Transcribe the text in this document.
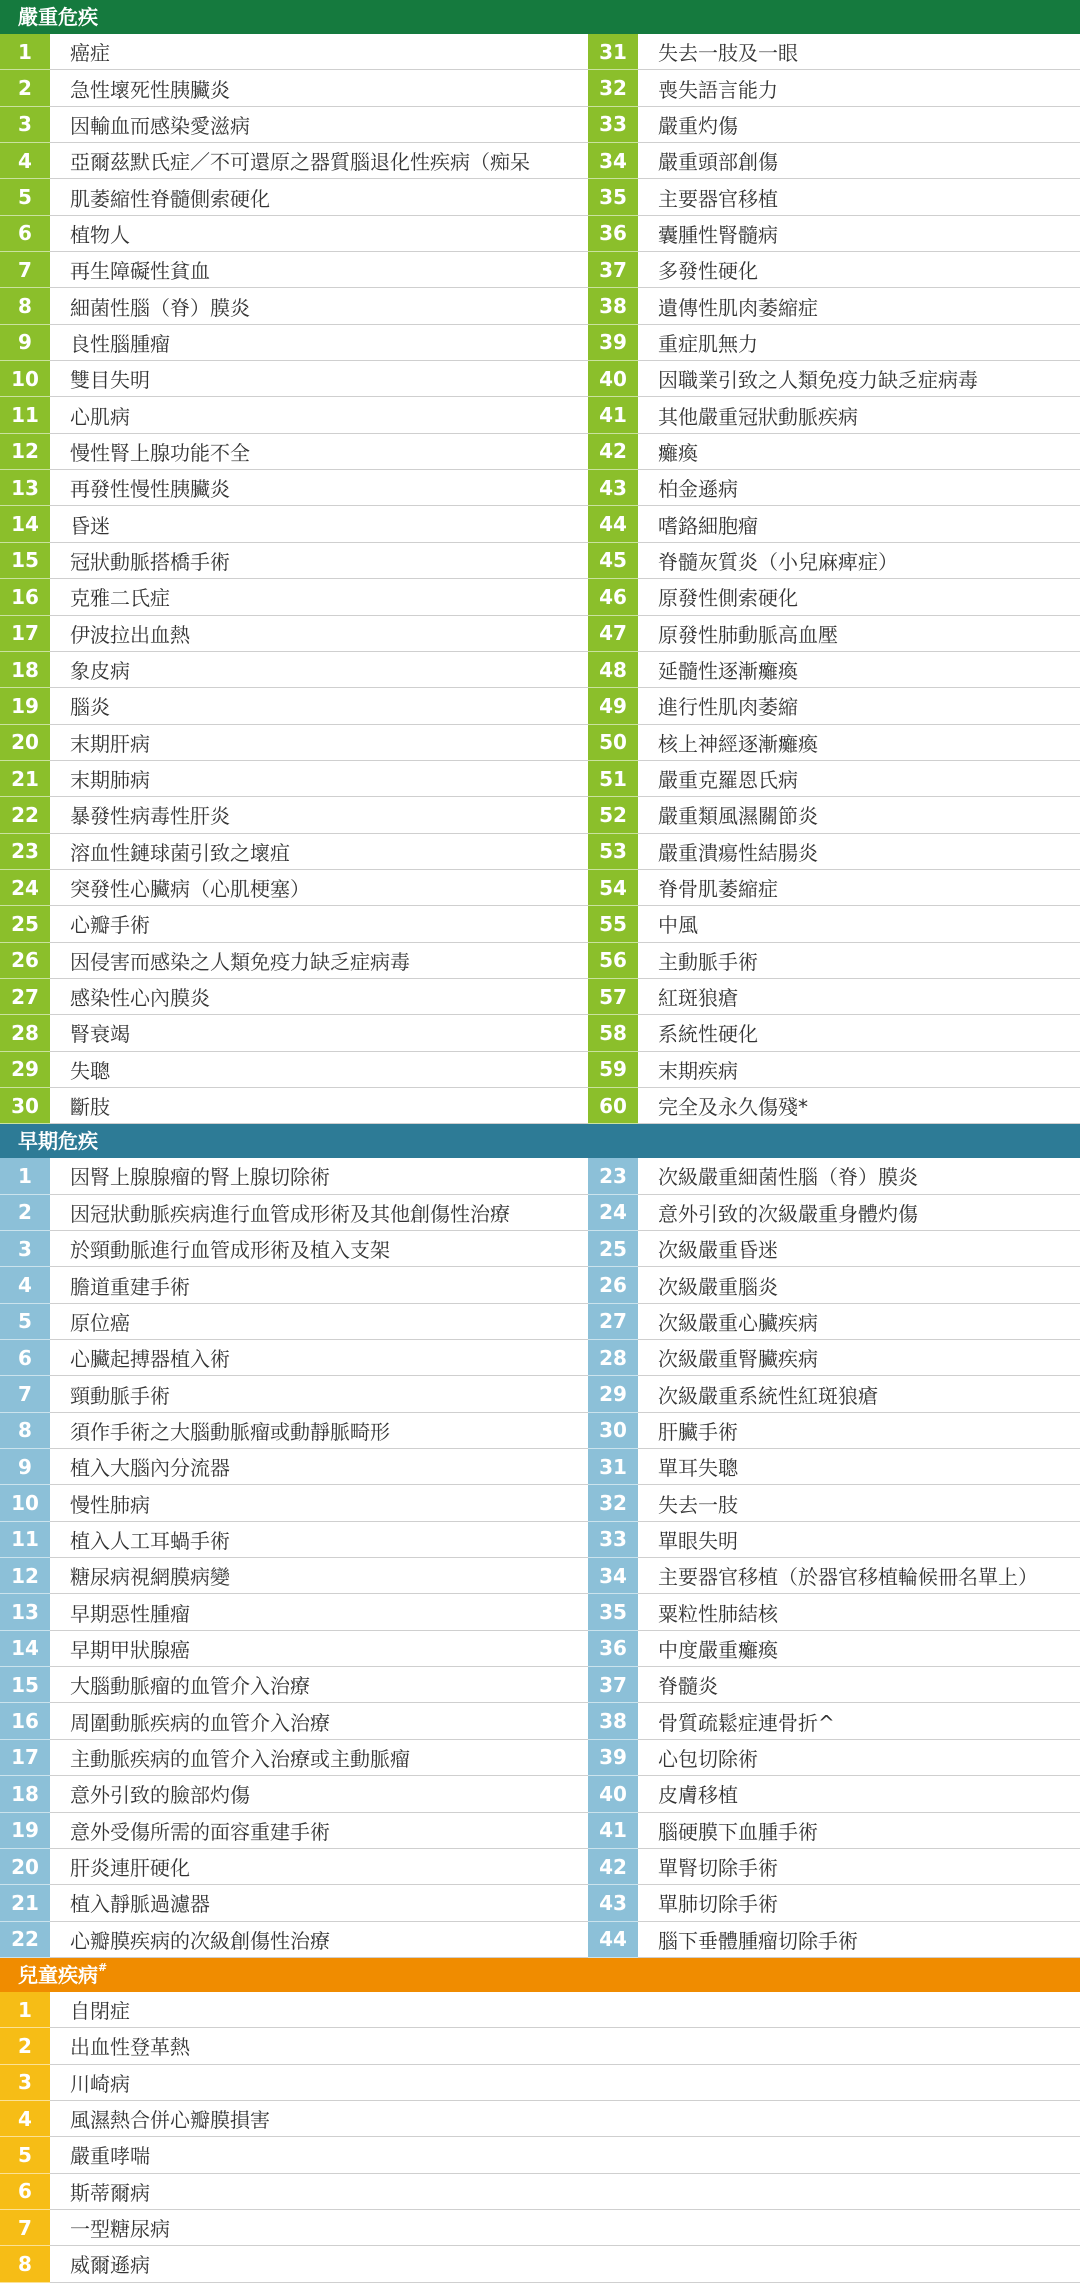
嚴重危疾
1	癌症
2	急性壞死性胰臟炎
3	因輸血而感染愛滋病
4	亞爾茲默氏症／不可還原之器質腦退化性疾病（痴呆
5	肌萎縮性脊髓側索硬化
6	植物人
7	再生障礙性貧血
8	細菌性腦（脊）膜炎
9	良性腦腫瘤
10	雙目失明
11	心肌病
12	慢性腎上腺功能不全
13	再發性慢性胰臟炎
14	昏迷
15	冠狀動脈搭橋手術
16	克雅二氏症
17	伊波拉出血熱
18	象皮病
19	腦炎
20	末期肝病
21	末期肺病
22	暴發性病毒性肝炎
23	溶血性鏈球菌引致之壞疽
24	突發性心臟病（心肌梗塞）
25	心瓣手術
26	因侵害而感染之人類免疫力缺乏症病毒
27	感染性心內膜炎
28	腎衰竭
29	失聰
30	斷肢
31	失去一肢及一眼
32	喪失語言能力
33	嚴重灼傷
34	嚴重頭部創傷
35	主要器官移植
36	囊腫性腎髓病
37	多發性硬化
38	遺傳性肌肉萎縮症
39	重症肌無力
40	因職業引致之人類免疫力缺乏症病毒
41	其他嚴重冠狀動脈疾病
42	癱瘓
43	柏金遜病
44	嗜鉻細胞瘤
45	脊髓灰質炎（小兒麻痺症）
46	原發性側索硬化
47	原發性肺動脈高血壓
48	延髓性逐漸癱瘓
49	進行性肌肉萎縮
50	核上神經逐漸癱瘓
51	嚴重克羅恩氏病
52	嚴重類風濕關節炎
53	嚴重潰瘍性結腸炎
54	脊骨肌萎縮症
55	中風
56	主動脈手術
57	紅斑狼瘡
58	系統性硬化
59	末期疾病
60	完全及永久傷殘*
早期危疾
1	因腎上腺腺瘤的腎上腺切除術
2	因冠狀動脈疾病進行血管成形術及其他創傷性治療
3	於頸動脈進行血管成形術及植入支架
4	膽道重建手術
5	原位癌
6	心臟起搏器植入術
7	頸動脈手術
8	須作手術之大腦動脈瘤或動靜脈畸形
9	植入大腦內分流器
10	慢性肺病
11	植入人工耳蝸手術
12	糖尿病視網膜病變
13	早期惡性腫瘤
14	早期甲狀腺癌
15	大腦動脈瘤的血管介入治療
16	周圍動脈疾病的血管介入治療
17	主動脈疾病的血管介入治療或主動脈瘤
18	意外引致的臉部灼傷
19	意外受傷所需的面容重建手術
20	肝炎連肝硬化
21	植入靜脈過濾器
22	心瓣膜疾病的次級創傷性治療
23	次級嚴重細菌性腦（脊）膜炎
24	意外引致的次級嚴重身體灼傷
25	次級嚴重昏迷
26	次級嚴重腦炎
27	次級嚴重心臟疾病
28	次級嚴重腎臟疾病
29	次級嚴重系統性紅斑狼瘡
30	肝臟手術
31	單耳失聰
32	失去一肢
33	單眼失明
34	主要器官移植（於器官移植輪候冊名單上）
35	粟粒性肺結核
36	中度嚴重癱瘓
37	脊髓炎
38	骨質疏鬆症連骨折^
39	心包切除術
40	皮膚移植
41	腦硬膜下血腫手術
42	單腎切除手術
43	單肺切除手術
44	腦下垂體腫瘤切除手術
兒童疾病#
1	自閉症
2	出血性登革熱
3	川崎病
4	風濕熱合併心瓣膜損害
5	嚴重哮喘
6	斯蒂爾病
7	一型糖尿病
8	威爾遜病
